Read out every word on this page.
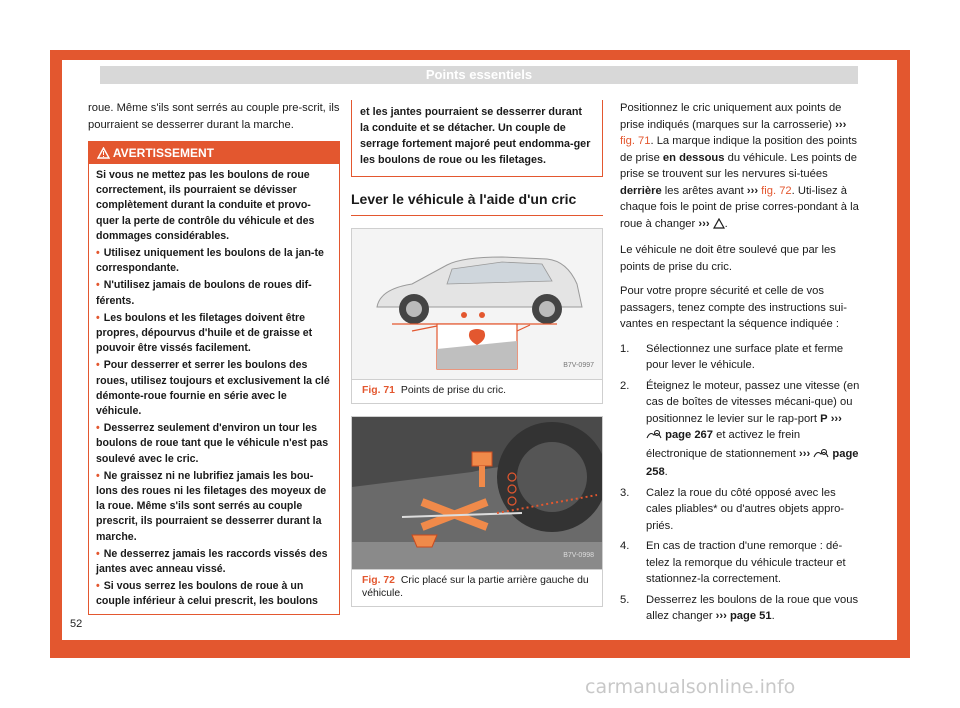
Points essentiels

roue. Même s'ils sont serrés au couple pre-scrit, ils pourraient se desserrer durant la marche.

AVERTISSEMENT
Si vous ne mettez pas les boulons de roue correctement, ils pourraient se dévisser complètement durant la conduite et provo-quer la perte de contrôle du véhicule et des dommages considérables.
• Utilisez uniquement les boulons de la jan-te correspondante.
• N'utilisez jamais de boulons de roues dif-férents.
• Les boulons et les filetages doivent être propres, dépourvus d'huile et de graisse et pouvoir être vissés facilement.
• Pour desserrer et serrer les boulons des roues, utilisez toujours et exclusivement la clé démonte-roue fournie en série avec le véhicule.
• Desserrez seulement d'environ un tour les boulons de roue tant que le véhicule n'est pas soulevé avec le cric.
• Ne graissez ni ne lubrifiez jamais les bou-lons des roues ni les filetages des moyeux de la roue. Même s'ils sont serrés au couple prescrit, ils pourraient se desserrer durant la marche.
• Ne desserrez jamais les raccords vissés des jantes avec anneau vissé.
• Si vous serrez les boulons de roue à un couple inférieur à celui prescrit, les boulons
et les jantes pourraient se desserrer durant la conduite et se détacher. Un couple de serrage fortement majoré peut endomma-ger les boulons de roue ou les filetages.
Lever le véhicule à l'aide d'un cric
B7V-0997
Fig. 71 Points de prise du cric.
B7V-0998
Fig. 72 Cric placé sur la partie arrière gauche du véhicule.

Positionnez le cric uniquement aux points de prise indiqués (marques sur la carrosserie) ››› fig. 71. La marque indique la position des points de prise en dessous du véhicule. Les points de prise se trouvent sur les nervures si-tuées derrière les arêtes avant ››› fig. 72. Uti-lisez à chaque fois le point de prise corres-pondant à la roue à changer ››› .

Le véhicule ne doit être soulevé que par les points de prise du cric.

Pour votre propre sécurité et celle de vos passagers, tenez compte des instructions sui-vantes en respectant la séquence indiquée :

1. Sélectionnez une surface plate et ferme pour lever le véhicule.
2. Éteignez le moteur, passez une vitesse (en cas de boîtes de vitesses mécani-que) ou positionnez le levier sur le rap-port P ›››  page 267 et activez le frein électronique de stationnement ››› page 258.
3. Calez la roue du côté opposé avec les cales pliables* ou d'autres objets appro-priés.
4. En cas de traction d'une remorque : dé-telez la remorque du véhicule tracteur et stationnez-la correctement.
5. Desserrez les boulons de la roue que vous allez changer ››› page 51.
52
carmanualsonline.info
